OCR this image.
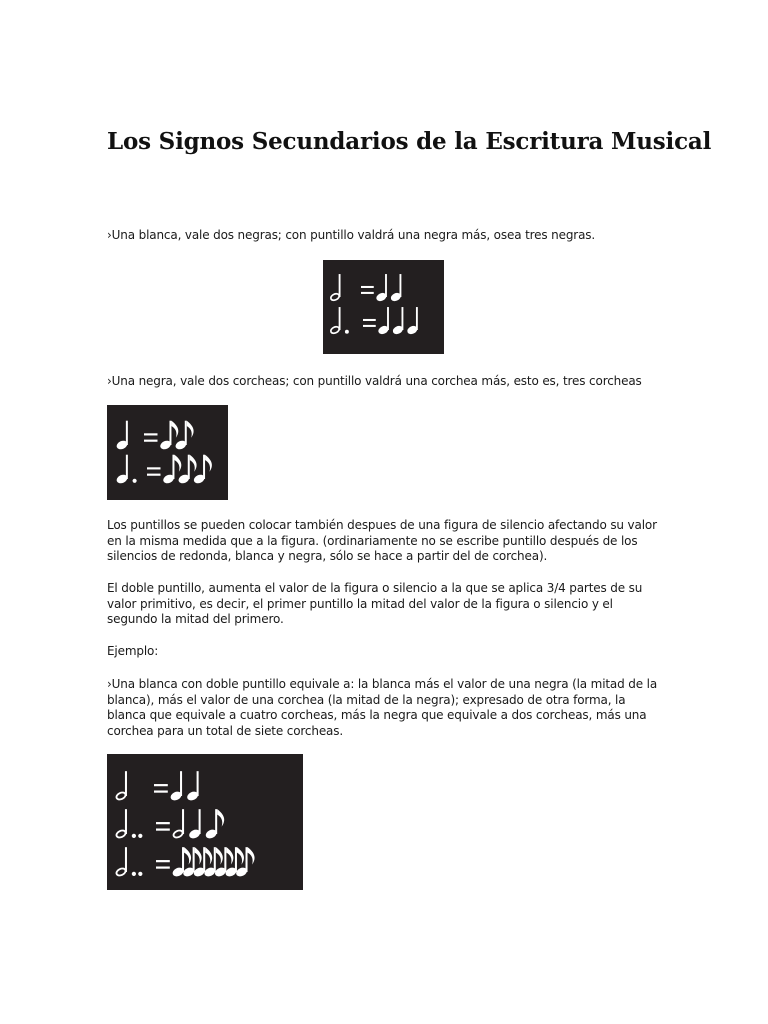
Los Signos Secundarios de la Escritura Musical

›Una blanca, vale dos negras; con puntillo valdrá una negra más, osea tres negras.

›Una negra, vale dos corcheas; con puntillo valdrá una corchea más, esto es, tres corcheas

Los puntillos se pueden colocar también despues de una figura de silencio afectando su valor en la misma medida que a la figura. (ordinariamente no se escribe puntillo después de los silencios de redonda, blanca y negra, sólo se hace a partir del de corchea).

El doble puntillo, aumenta el valor de la figura o silencio a la que se aplica 3/4 partes de su valor primitivo, es decir, el primer puntillo la mitad del valor de la figura o silencio y el segundo la mitad del primero.

Ejemplo:

›Una blanca con doble puntillo equivale a: la blanca más el valor de una negra (la mitad de la blanca), más el valor de una corchea (la mitad de la negra); expresado de otra forma, la blanca que equivale a cuatro corcheas, más la negra que equivale a dos corcheas, más una corchea para un total de siete corcheas.
